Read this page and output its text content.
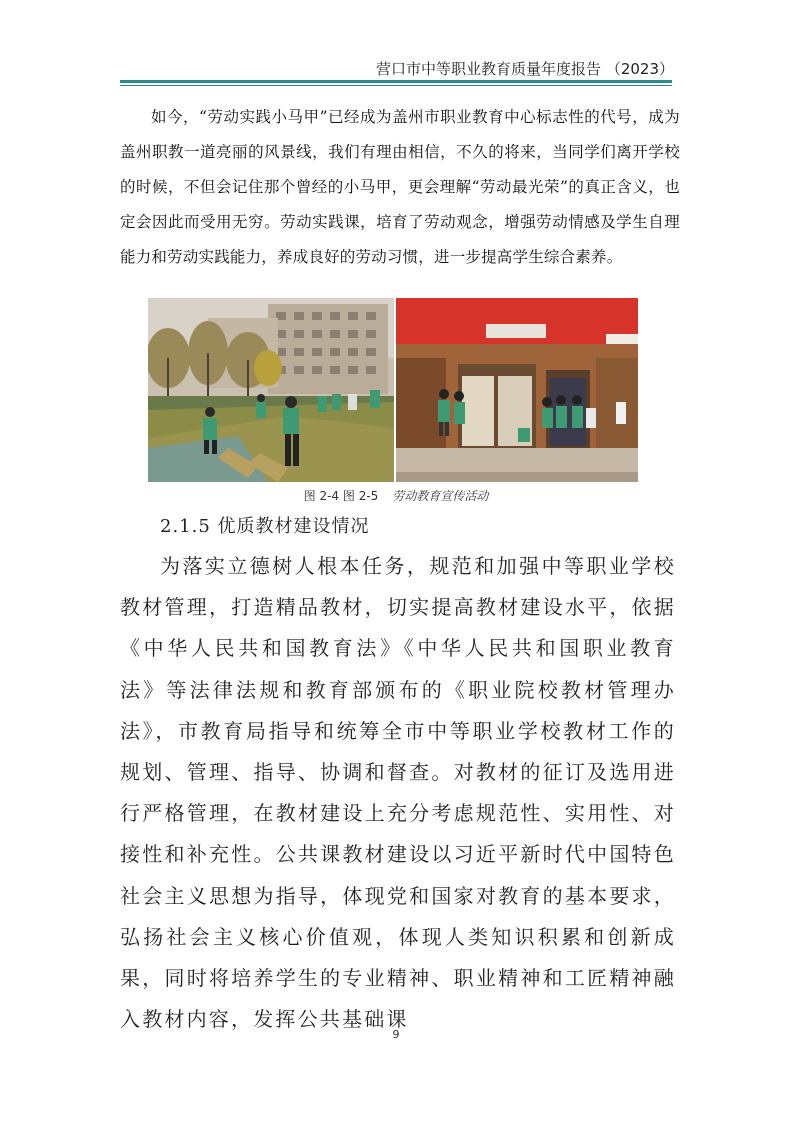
营口市中等职业教育质量年度报告 （2023）

如今，“劳动实践小马甲”已经成为盖州市职业教育中心标志性的代号，成为盖州职教一道亮丽的风景线，我们有理由相信，不久的将来，当同学们离开学校的时候，不但会记住那个曾经的小马甲，更会理解“劳动最光荣”的真正含义，也定会因此而受用无穷。劳动实践课，培育了劳动观念，增强劳动情感及学生自理能力和劳动实践能力，养成良好的劳动习惯，进一步提高学生综合素养。

图 2-4 图 2-5 劳动教育宣传活动
2.1.5 优质教材建设情况

为落实立德树人根本任务，规范和加强中等职业学校教材管理，打造精品教材，切实提高教材建设水平，依据《中华人民共和国教育法》《中华人民共和国职业教育法》等法律法规和教育部颁布的《职业院校教材管理办法》，市教育局指导和统筹全市中等职业学校教材工作的规划、管理、指导、协调和督查。对教材的征订及选用进行严格管理，在教材建设上充分考虑规范性、实用性、对接性和补充性。公共课教材建设以习近平新时代中国特色社会主义思想为指导，体现党和国家对教育的基本要求，弘扬社会主义核心价值观，体现人类知识积累和创新成果，同时将培养学生的专业精神、职业精神和工匠精神融入教材内容，发挥公共基础课

9
